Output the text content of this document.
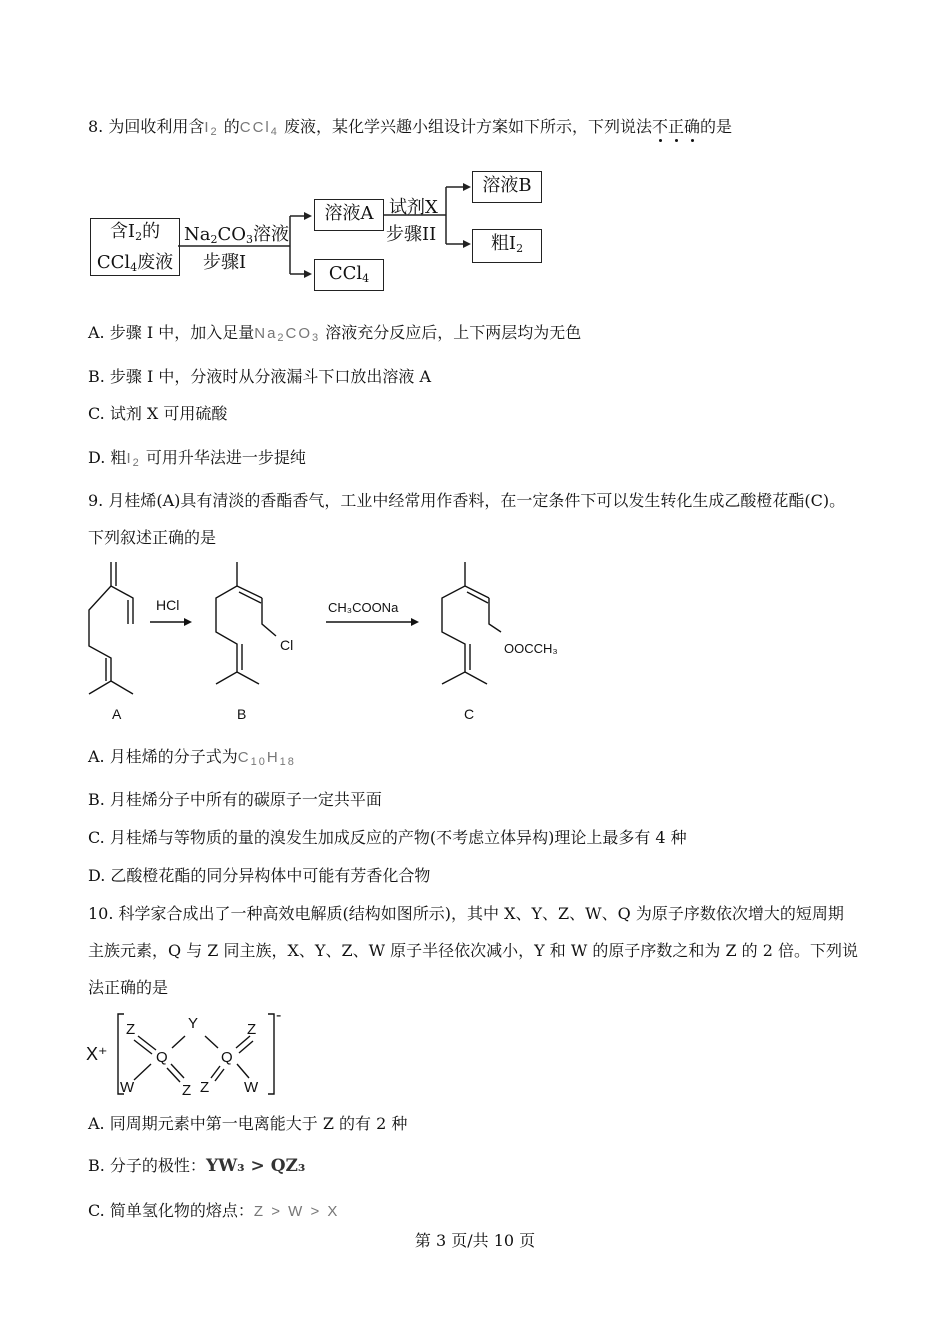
8. 为回收利用含$I_2$ 的CCl$_4$ 废液，某化学兴趣小组设计方案如下所示，下列说法不正确的是
含$I_2$的
CCl$_4$废液
$Na_2CO_3$溶液
步骤I
溶液A
CCl$_4$
试剂X
步骤II
溶液B
粗$I_2$
A. 步骤 I 中，加入足量$Na_2CO_3$ 溶液充分反应后，上下两层均为无色
B. 步骤 I 中，分液时从分液漏斗下口放出溶液 A
C. 试剂 X 可用硫酸
D. 粗$I_2$ 可用升华法进一步提纯
9. 月桂烯(A)具有清淡的香酯香气，工业中经常用作香料，在一定条件下可以发生转化生成乙酸橙花酯(C)。
下列叙述正确的是
HCl	CH₃COONa
Cl	OOCCH₃
A	B	C
A. 月桂烯的分子式为$C_{10}H_{18}$
B. 月桂烯分子中所有的碳原子一定共平面
C. 月桂烯与等物质的量的溴发生加成反应的产物(不考虑立体异构)理论上最多有 4 种
D. 乙酸橙花酯的同分异构体中可能有芳香化合物
10. 科学家合成出了一种高效电解质(结构如图所示)，其中 X、Y、Z、W、Q 为原子序数依次增大的短周期
主族元素，Q 与 Z 同主族，X、Y、Z、W 原子半径依次减小，Y 和 W 的原子序数之和为 Z 的 2 倍。下列说
法正确的是
X⁺
-
Z	Y	Z
Q	Q
W	Z Z W
A. 同周期元素中第一电离能大于 Z 的有 2 种
B. 分子的极性：YW₃ > QZ₃
C. 简单氢化物的熔点：Z > W > X
第 3 页/共 10 页
